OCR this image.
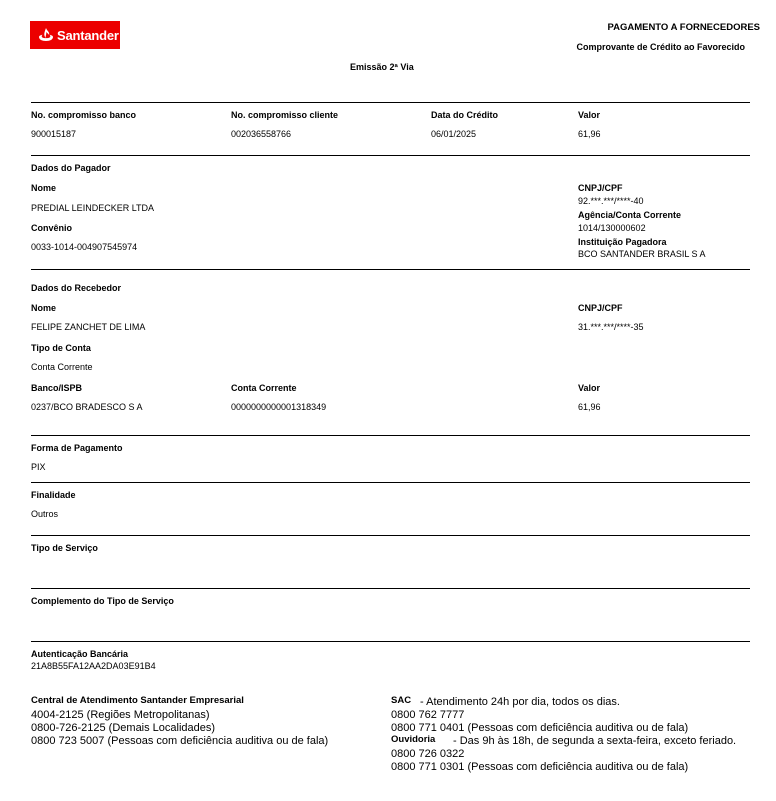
Santander	PAGAMENTO A FORNECEDORES
Comprovante de Crédito ao Favorecido
Emissão 2ª Via
No. compromisso banco
900015187
No. compromisso cliente
002036558766
Data do Crédito
06/01/2025
Valor
61,96
Dados do Pagador
Nome
PREDIAL LEINDECKER LTDA
Convênio
0033-1014-004907545974
CNPJ/CPF
92.***.***/****-40
Agência/Conta Corrente
1014/130000602
Instituição Pagadora
BCO SANTANDER BRASIL S A
Dados do Recebedor
Nome
FELIPE ZANCHET DE LIMA
CNPJ/CPF
31.***.***/****-35
Tipo de Conta
Conta Corrente
Banco/ISPB
0237/BCO BRADESCO S A
Conta Corrente
0000000000001318349
Valor
61,96
Forma de Pagamento
PIX
Finalidade
Outros
Tipo de Serviço
Complemento do Tipo de Serviço
Autenticação Bancária
21A8B55FA12AA2DA03E91B4
Central de Atendimento Santander Empresarial
4004-2125 (Regiões Metropolitanas)
0800-726-2125 (Demais Localidades)
0800 723 5007 (Pessoas com deficiência auditiva ou de fala)
SAC - Atendimento 24h por dia, todos os dias.
0800 762 7777
0800 771 0401 (Pessoas com deficiência auditiva ou de fala)
Ouvidoria - Das 9h às 18h, de segunda a sexta-feira, exceto feriado.
0800 726 0322
0800 771 0301 (Pessoas com deficiência auditiva ou de fala)
